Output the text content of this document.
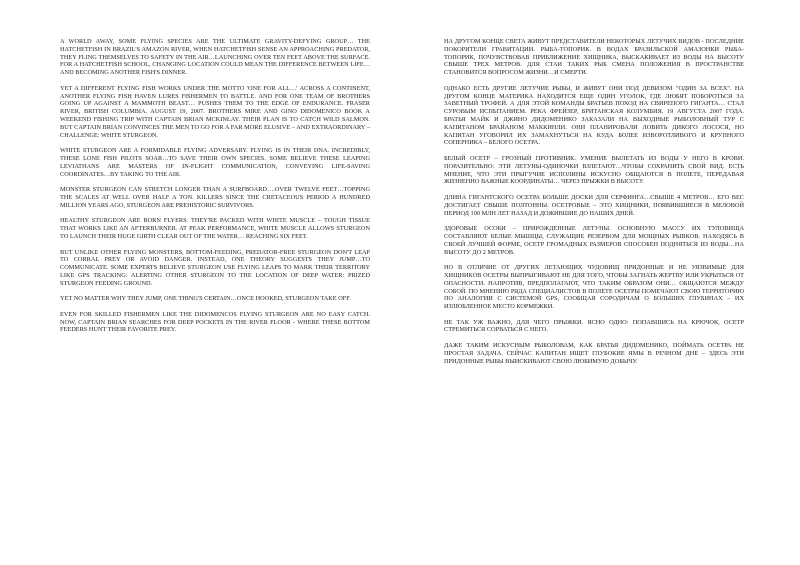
A WORLD AWAY, SOME FLYING SPECIES ARE THE ULTIMATE GRAVITY-DEFYING GROUP… THE HATCHETFISH IN BRAZIL'S AMAZON RIVER, WHEN HATCHETFISH SENSE AN APPROACHING PREDATOR, THEY FLING THEMSELVES TO SAFETY IN THE AIR…LAUNCHING OVER TEN FEET ABOVE THE SURFACE. FOR A HATCHETFISH SCHOOL, CHANGING LOCATION COULD MEAN THE DIFFERENCE BETWEEN LIFE…AND BECOMING ANOTHER FISH'S DINNER.

YET A DIFFERENT FLYING FISH WORKS UNDER THE MOTTO 'ONE FOR ALL…' ACROSS A CONTINENT, ANOTHER FLYING FISH HAVEN LURES FISHERMEN TO BATTLE. AND FOR ONE TEAM OF BROTHERS GOING UP AGAINST A MAMMOTH BEAST… PUSHES THEM TO THE EDGE OF ENDURANCE. FRASER RIVER, BRITISH COLUMBIA. AUGUST 19, 2007. BROTHERS MIKE AND GINO DIDOMENICO BOOK A WEEKEND FISHING TRIP WITH CAPTAIN BRIAN MCKINLAY. THEIR PLAN IS TO CATCH WILD SALMON. BUT CAPTAIN BRIAN CONVINCES THE MEN TO GO FOR A FAR MORE ELUSIVE – AND EXTRAORDINARY – CHALLENGE: WHITE STURGEON.

WHITE STURGEON ARE A FORMIDABLE FLYING ADVERSARY. FLYING IS IN THEIR DNA. INCREDIBLY, THESE LONE FISH PILOTS SOAR…TO SAVE THEIR OWN SPECIES. SOME BELIEVE THESE LEAPING LEVIATHANS ARE MASTERS OF IN-FLIGHT COMMUNICATION, CONVEYING LIFE-SAVING COORDINATES…BY TAKING TO THE AIR.

MONSTER STURGEON CAN STRETCH LONGER THAN A SURFBOARD….OVER TWELVE FEET…TOPPING THE SCALES AT WELL OVER HALF A TON. KILLERS SINCE THE CRETACEOUS PERIOD A HUNDRED MILLION YEARS AGO, STURGEON ARE PREHISTORIC SURVIVORS.

HEALTHY STURGEON ARE BORN FLYERS. THEY'RE PACKED WITH WHITE MUSCLE – TOUGH TISSUE THAT WORKS LIKE AN AFTERBURNER. AT PEAK PERFORMANCE, WHITE MUSCLE ALLOWS STURGEON TO LAUNCH THEIR HUGE GIRTH CLEAR OUT OF THE WATER… REACHING SIX FEET.

BUT UNLIKE OTHER FLYING MONSTERS, BOTTOM-FEEDING, PREDATOR-FREE STURGEON DON'T LEAP TO CORRAL PREY OR AVOID DANGER. INSTEAD, ONE THEORY SUGGESTS THEY JUMP…TO COMMUNICATE. SOME EXPERTS BELIEVE STURGEON USE FLYING LEAPS TO MARK THEIR TERRITORY LIKE GPS TRACKING: ALERTING OTHER STURGEON TO THE LOCATION OF DEEP WATER: PRIZED STURGEON FEEDING GROUND.

YET NO MATTER WHY THEY JUMP, ONE THING'S CERTAIN…ONCE HOOKED, STURGEON TAKE OFF.

EVEN FOR SKILLED FISHERMEN LIKE THE DIDOMENCOS FLYING STURGEON ARE NO EASY CATCH. NOW, CAPTAIN BRIAN SEARCHES FOR DEEP POCKETS IN THE RIVER FLOOR - WHERE THESE BOTTOM FEEDERS HUNT THEIR FAVORITE PREY.

НА ДРУГОМ КОНЦЕ СВЕТА ЖИВУТ ПРЕДСТАВИТЕЛИ НЕКОТОРЫХ ЛЕТУЧИХ ВИДОВ - ПОСЛЕДНИЕ ПОКОРИТЕЛИ ГРАВИТАЦИИ. РЫБА-ТОПОРИК. В ВОДАХ БРАЗИЛЬСКОЙ АМАЗОНКИ РЫБА-ТОПОРИК, ПОЧУВСТВОВАВ ПРИБЛИЖЕНИЕ ХИЩНИКА, ВЫСКАКИВАЕТ ИЗ ВОДЫ НА ВЫСОТУ СВЫШЕ ТРЕХ МЕТРОВ. ДЛЯ СТАИ ТАКИХ РЫБ СМЕНА ПОЛОЖЕНИЯ В ПРОСТРАНСТВЕ СТАНОВИТСЯ ВОПРОСОМ ЖИЗНИ…И СМЕРТИ.

ОДНАКО ЕСТЬ ДРУГИЕ ЛЕТУЧИЕ РЫБЫ, И ЖИВУТ ОНИ ПОД ДЕВИЗОМ "ОДИН ЗА ВСЕХ". НА ДРУГОМ КОНЦЕ МАТЕРИКА НАХОДИТСЯ ЕЩЕ ОДИН УГОЛОК, ГДЕ ЛЮБЯТ ПОБОРОТЬСЯ ЗА ЗАВЕТНЫЙ ТРОФЕЙ. А ДЛЯ ЭТОЙ КОМАНДЫ БРАТЬЕВ ПОХОД НА СВИРЕПОГО ГИГАНТА… СТАЛ СУРОВЫМ ИСПЫТАНИЕМ. РЕКА ФРЕЙЗЕР, БРИТАНСКАЯ КОЛУМБИЯ. 19 АВГУСТА 2007 ГОДА. БРАТЬЯ МАЙК И ДЖИНО ДИДОМЕНИКО ЗАКАЗАЛИ НА ВЫХОДНЫЕ РЫБОЛОВНЫЙ ТУР С КАПИТАНОМ БРАЙАНОМ МАККИНЛИ. ОНИ ПЛАНИРОВАЛИ ЛОВИТЬ ДИКОГО ЛОСОСЯ, НО КАПИТАН УГОВОРИЛ ИХ ЗАМАХНУТЬСЯ НА КУДА БОЛЕЕ ИЗВОРОТЛИВОГО И КРУПНОГО СОПЕРНИКА – БЕЛОГО ОСЕТРА.

БЕЛЫЙ ОСЕТР – ГРОЗНЫЙ ПРОТИВНИК. УМЕНИЕ ВЫЛЕТАТЬ ИЗ ВОДЫ У НЕГО В КРОВИ. ПОРАЗИТЕЛЬНО: ЭТИ ЛЕТУНЫ-ОДИНОЧКИ ВЗЛЕТАЮТ…ЧТОБЫ СОХРАНИТЬ СВОЙ ВИД. ЕСТЬ МНЕНИЕ, ЧТО ЭТИ ПРЫГУЧИЕ ИСПОЛИНЫ ИСКУСНО ОБЩАЮТСЯ В ПОЛЕТЕ, ПЕРЕДАВАЯ ЖИЗНЕННО ВАЖНЫЕ КООРДИНАТЫ… ЧЕРЕЗ ПРЫЖКИ В ВЫСОТУ.

ДЛИНА ГИГАНТСКОГО ОСЕТРА БОЛЬШЕ ДОСКИ ДЛЯ СЕРФИНГА…СВЫШЕ 4 МЕТРОВ… ЕГО ВЕС ДОСТИГАЕТ СВЫШЕ ПОЛТОННЫ. ОСЕТРОВЫЕ – ЭТО ХИЩНИКИ, ПОЯВИВШИЕСЯ В МЕЛОВОЙ ПЕРИОД 100 МЛН ЛЕТ НАЗАД И ДОЖИВШИЕ ДО НАШИХ ДНЕЙ.

ЗДОРОВЫЕ ОСОБИ – ПРИРОЖДЕННЫЕ ЛЕТУНЫ. ОСНОВНУЮ МАССУ ИХ ТУЛОВИЩА СОСТАВЛЯЮТ БЕЛЫЕ МЫШЦЫ, СЛУЖАЩИЕ РЕЗЕРВОМ ДЛЯ МОЩНЫХ РЫВКОВ. НАХОДЯСЬ В СВОЕЙ ЛУЧШЕЙ ФОРМЕ, ОСЕТР ГРОМАДНЫХ РАЗМЕРОВ СПОСОБЕН ПОДНЯТЬСЯ ИЗ ВОДЫ…НА ВЫСОТУ ДО 2 МЕТРОВ.

НО В ОТЛИЧИЕ ОТ ДРУГИХ ЛЕТАЮЩИХ ЧУДОВИЩ ПРИДОННЫЕ И НЕ УЯЗВИМЫЕ ДЛЯ ХИЩНИКОВ ОСЕТРЫ ВЫПРЫГИВАЮТ НЕ ДЛЯ ТОГО, ЧТОБЫ ЗАГНАТЬ ЖЕРТВУ ИЛИ УКРЫТЬСЯ ОТ ОПАСНОСТИ. НАПРОТИВ, ПРЕДПОЛАГАЮТ, ЧТО ТАКИМ ОБРАЗОМ ОНИ… ОБЩАЮТСЯ МЕЖДУ СОБОЙ. ПО МНЕНИЮ РЯДА СПЕЦИАЛИСТОВ В ПОЛЕТЕ ОСЕТРЫ ПОМЕЧАЮТ СВОЮ ТЕРРИТОРИЮ ПО АНАЛОГИИ С СИСТЕМОЙ GPS, СООБЩАЯ СОРОДИЧАМ О БОЛЬШИХ ГЛУБИНАХ – ИХ ИЗЛЮБЛЕННОЕ МЕСТО КОРМЕЖКИ.

НЕ ТАК УЖ ВАЖНО, ДЛЯ ЧЕГО ПРЫЖКИ. ЯСНО ОДНО: ПОПАВШИСЬ НА КРЮЧОК, ОСЕТР СТРЕМИТЬСЯ СОРВАТЬСЯ С НЕГО.

ДАЖЕ ТАКИМ ИСКУСНЫМ РЫБОЛОВАМ, КАК БРАТЬЯ ДИДОМЕНИКО, ПОЙМАТЬ ОСЕТРА НЕ ПРОСТАЯ ЗАДАЧА. СЕЙЧАС КАПИТАН ИЩЕТ ГЛУБОКИЕ ЯМЫ В РЕЧНОМ ДНЕ – ЗДЕСЬ ЭТИ ПРИДОННЫЕ РЫБЫ ВЫИСКИВАЮТ СВОЮ ЛЮБИМУЮ ДОБЫЧУ.
